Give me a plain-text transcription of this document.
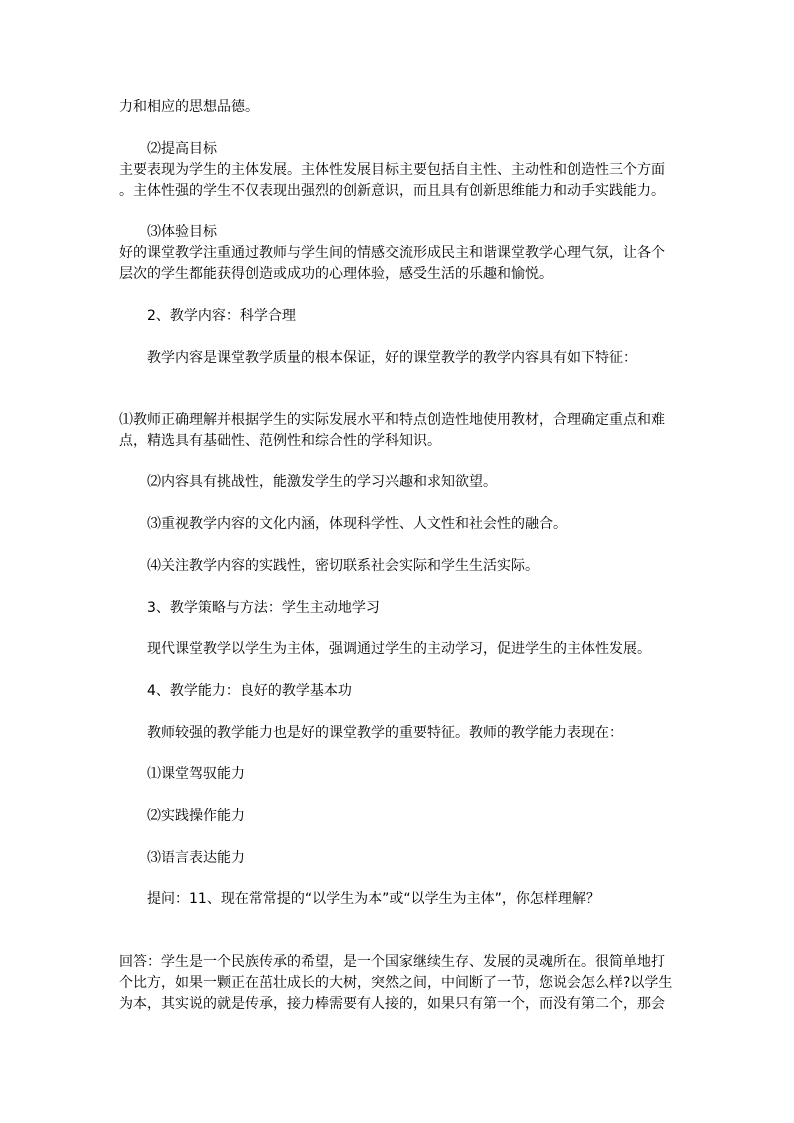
力和相应的思想品德。
⑵提高目标
主要表现为学生的主体发展。主体性发展目标主要包括自主性、主动性和创造性三个方面
。主体性强的学生不仅表现出强烈的创新意识，而且具有创新思维能力和动手实践能力。
⑶体验目标
好的课堂教学注重通过教师与学生间的情感交流形成民主和谐课堂教学心理气氛，让各个
层次的学生都能获得创造或成功的心理体验，感受生活的乐趣和愉悦。
2、教学内容：科学合理
教学内容是课堂教学质量的根本保证，好的课堂教学的教学内容具有如下特征：
⑴教师正确理解并根据学生的实际发展水平和特点创造性地使用教材，合理确定重点和难
点，精选具有基础性、范例性和综合性的学科知识。
⑵内容具有挑战性，能激发学生的学习兴趣和求知欲望。
⑶重视教学内容的文化内涵，体现科学性、人文性和社会性的融合。
⑷关注教学内容的实践性，密切联系社会实际和学生生活实际。
3、教学策略与方法：学生主动地学习
现代课堂教学以学生为主体，强调通过学生的主动学习，促进学生的主体性发展。
4、教学能力：良好的教学基本功
教师较强的教学能力也是好的课堂教学的重要特征。教师的教学能力表现在：
⑴课堂驾驭能力
⑵实践操作能力
⑶语言表达能力
提问：11、现在常常提的“以学生为本”或“以学生为主体”，你怎样理解？
回答：学生是一个民族传承的希望，是一个国家继续生存、发展的灵魂所在。很简单地打
个比方，如果一颗正在茁壮成长的大树，突然之间，中间断了一节，您说会怎么样?以学生
为本，其实说的就是传承，接力棒需要有人接的，如果只有第一个，而没有第二个，那会
